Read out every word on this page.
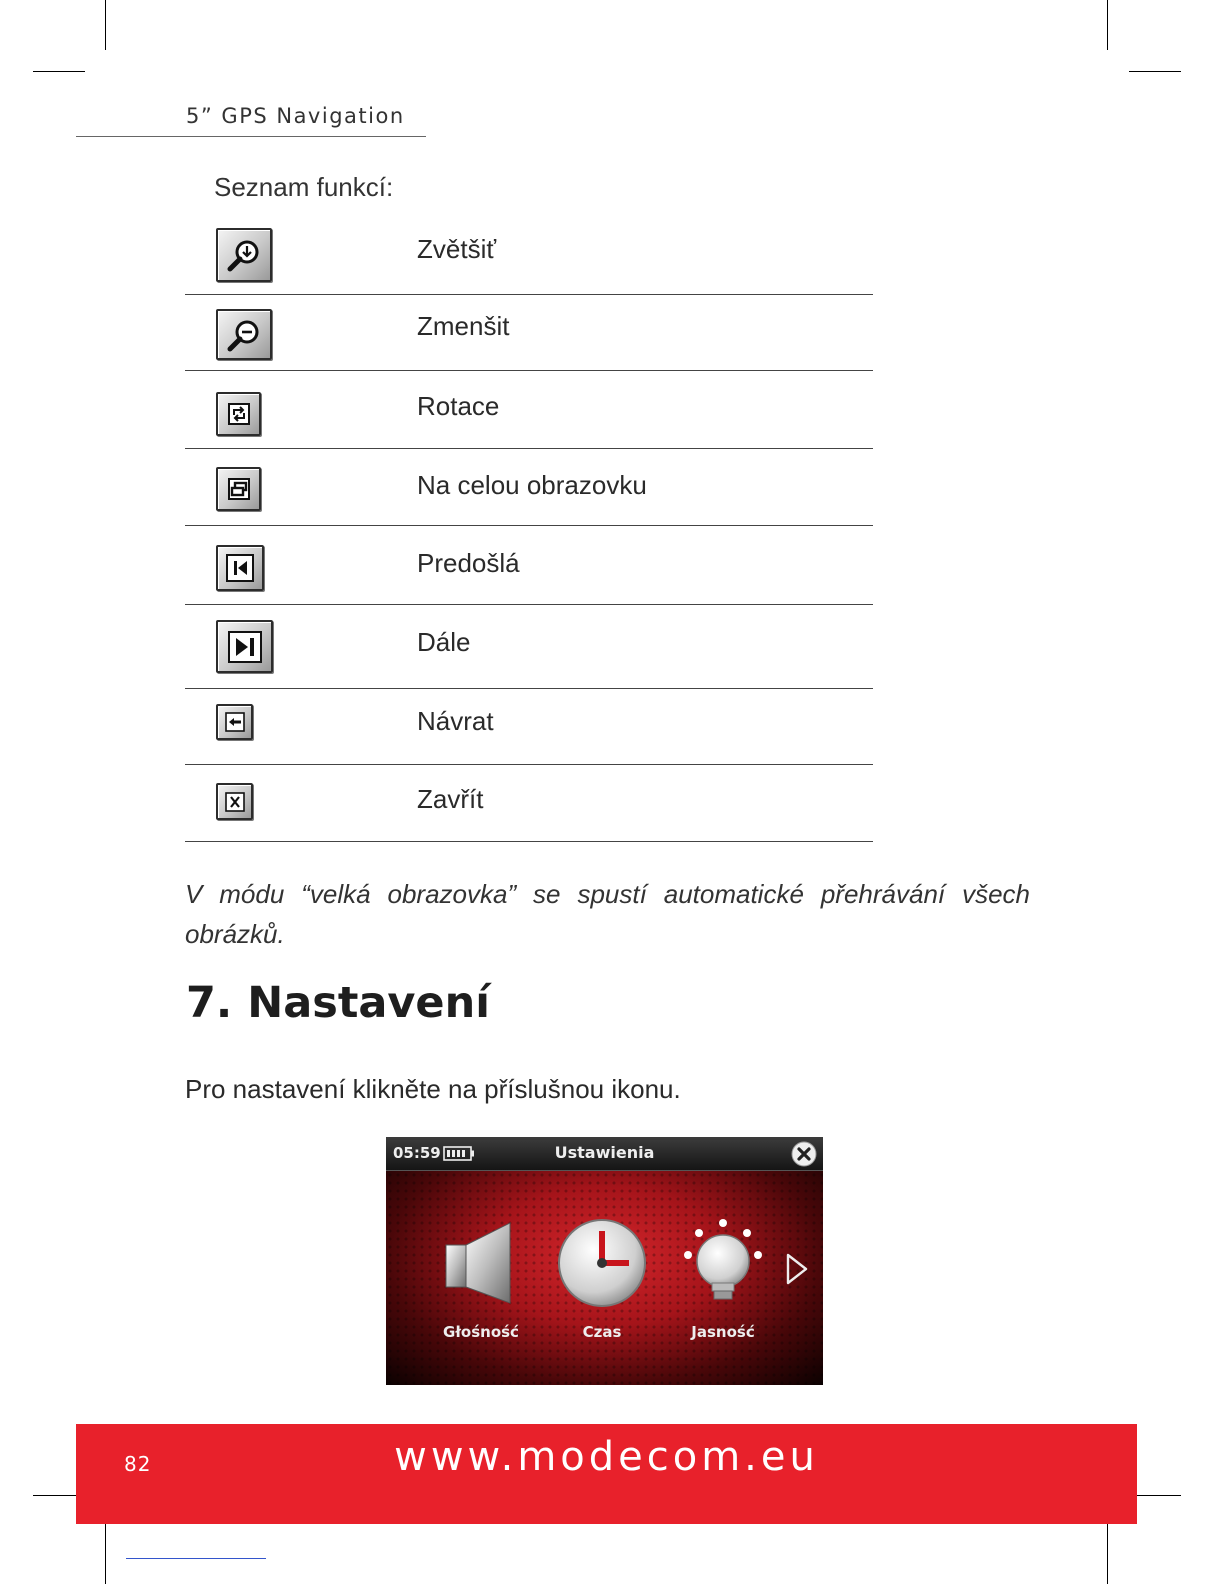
5” GPS Navigation
Seznam funkcí:
Zvětšiť
Zmenšit
Rotace
Na celou obrazovku
Predošlá
Dále
Návrat
Zavřít
V módu “velká obrazovka” se spustí automatické přehrávání všech obrázků.
7. Nastavení
Pro nastavení klikněte na příslušnou ikonu.
05:59	Ustawienia
Głośność	Czas	Jasność
82	www.modecom.eu
